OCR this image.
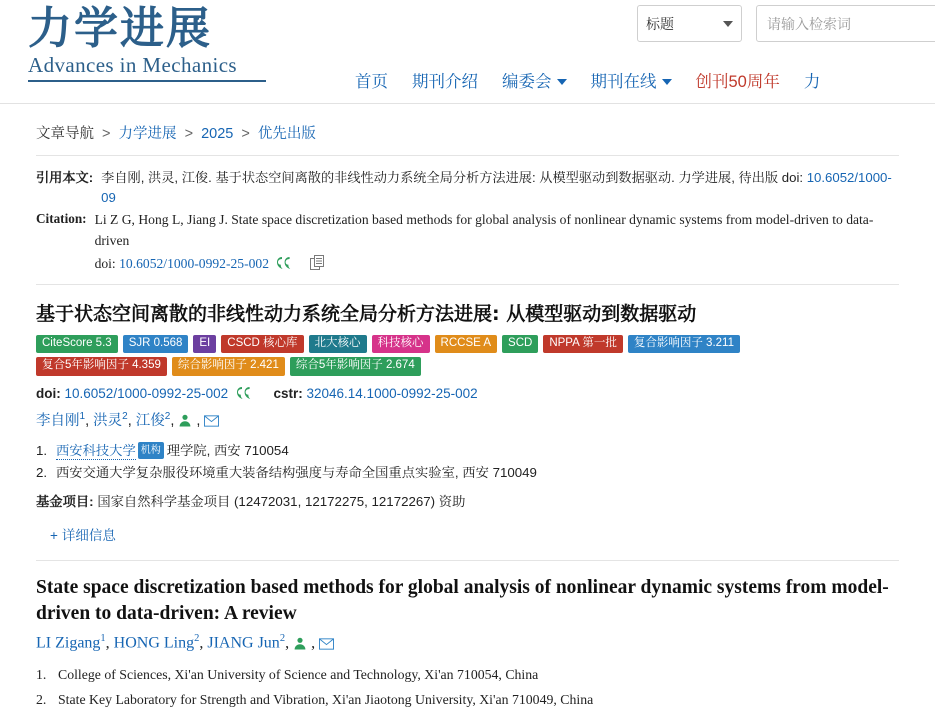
力学进展
Advances in Mechanics
标题
请输入检索词
首页 期刊介绍 编委会 期刊在线 创刊50周年 力
文章导航 > 力学进展 > 2025 > 优先出版
引用本文: 李自刚, 洪灵, 江俊. 基于状态空间离散的非线性动力系统全局分析方法进展: 从模型驱动到数据驱动. 力学进展, 待出版 doi: 10.6052/1000-09
Citation: Li Z G, Hong L, Jiang J. State space discretization based methods for global analysis of nonlinear dynamic systems from model-driven to data-driven
doi: 10.6052/1000-0992-25-002
基于状态空间离散的非线性动力系统全局分析方法进展: 从模型驱动到数据驱动
CiteScore 5.3	SJR 0.568	EI	CSCD 核心库	北大核心	科技核心	RCCSE A	SCD	NPPA 第一批	复合影响因子 3.211
复合5年影响因子 4.359	综合影响因子 2.421	综合5年影响因子 2.674
doi: 10.6052/1000-0992-25-002	cstr: 32046.14.1000-0992-25-002
李自刚$^1$, 洪灵$^2$, 江俊$^2$, ,
1. 西安科技大学 机构 理学院, 西安 710054
2. 西安交通大学复杂服役环境重大装备结构强度与寿命全国重点实验室, 西安 710049
基金项目: 国家自然科学基金项目 (12472031, 12172275, 12172267) 资助
+ 详细信息
State space discretization based methods for global analysis of nonlinear dynamic systems from model-driven to data-driven: A review
LI Zigang$^1$, HONG Ling$^2$, JIANG Jun$^2$, ,
1. College of Sciences, Xi'an University of Science and Technology, Xi'an 710054, China
2. State Key Laboratory for Strength and Vibration, Xi'an Jiaotong University, Xi'an 710049, China
